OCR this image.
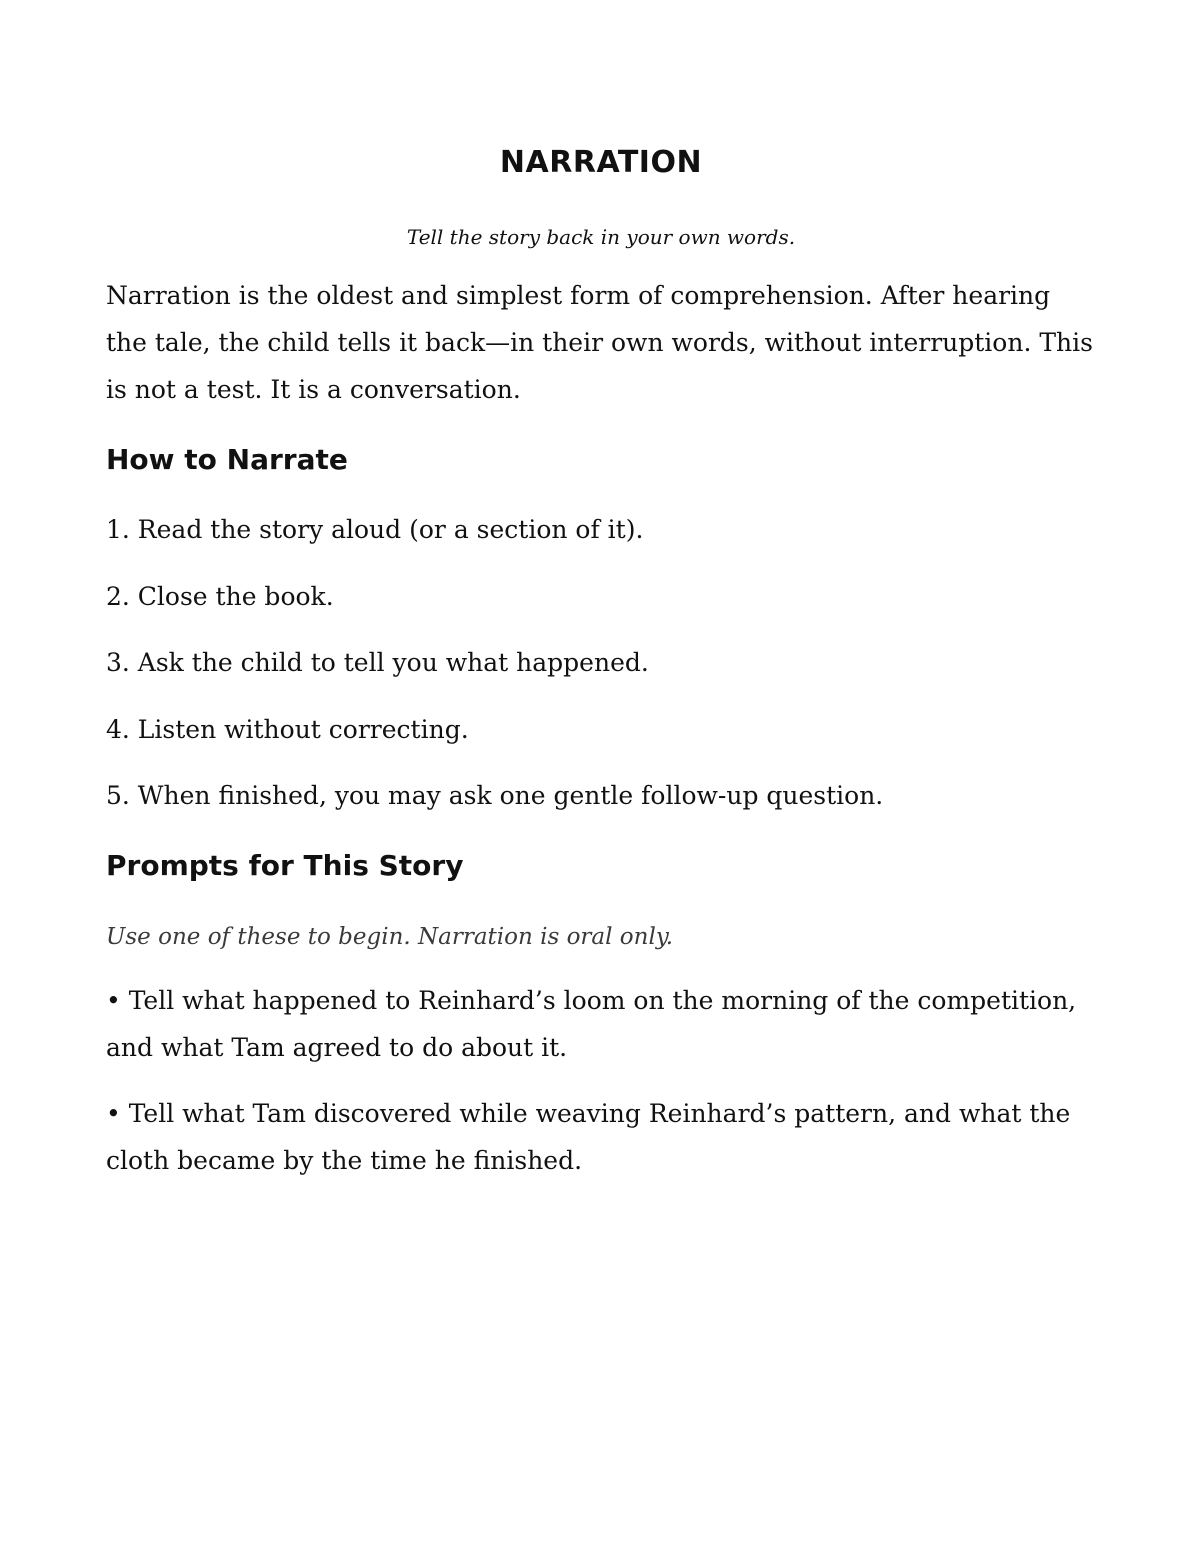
NARRATION

Tell the story back in your own words.

Narration is the oldest and simplest form of comprehension. After hearing the tale, the child tells it back—in their own words, without interruption. This is not a test. It is a conversation.

How to Narrate
1. Read the story aloud (or a section of it).
2. Close the book.
3. Ask the child to tell you what happened.
4. Listen without correcting.
5. When finished, you may ask one gentle follow-up question.
Prompts for This Story

Use one of these to begin. Narration is oral only.

• Tell what happened to Reinhard’s loom on the morning of the competition, and what Tam agreed to do about it.
• Tell what Tam discovered while weaving Reinhard’s pattern, and what the cloth became by the time he finished.
